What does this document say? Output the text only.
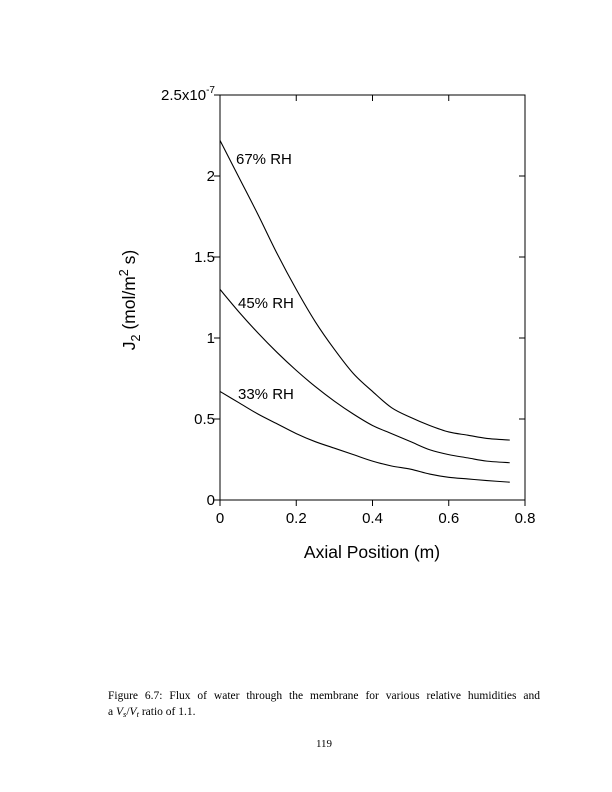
0	0.2	0.4	0.6	0.8
0
0.5
1
1.5
2
$2.5x10^{-7}$
67% RH
45% RH
33% RH
Axial Position (m)
$J_2$ ($mol/m^2$ s)
Figure 6.7: Flux of water through the membrane for various relative humidities and
a Vs/Vt ratio of 1.1.
119
